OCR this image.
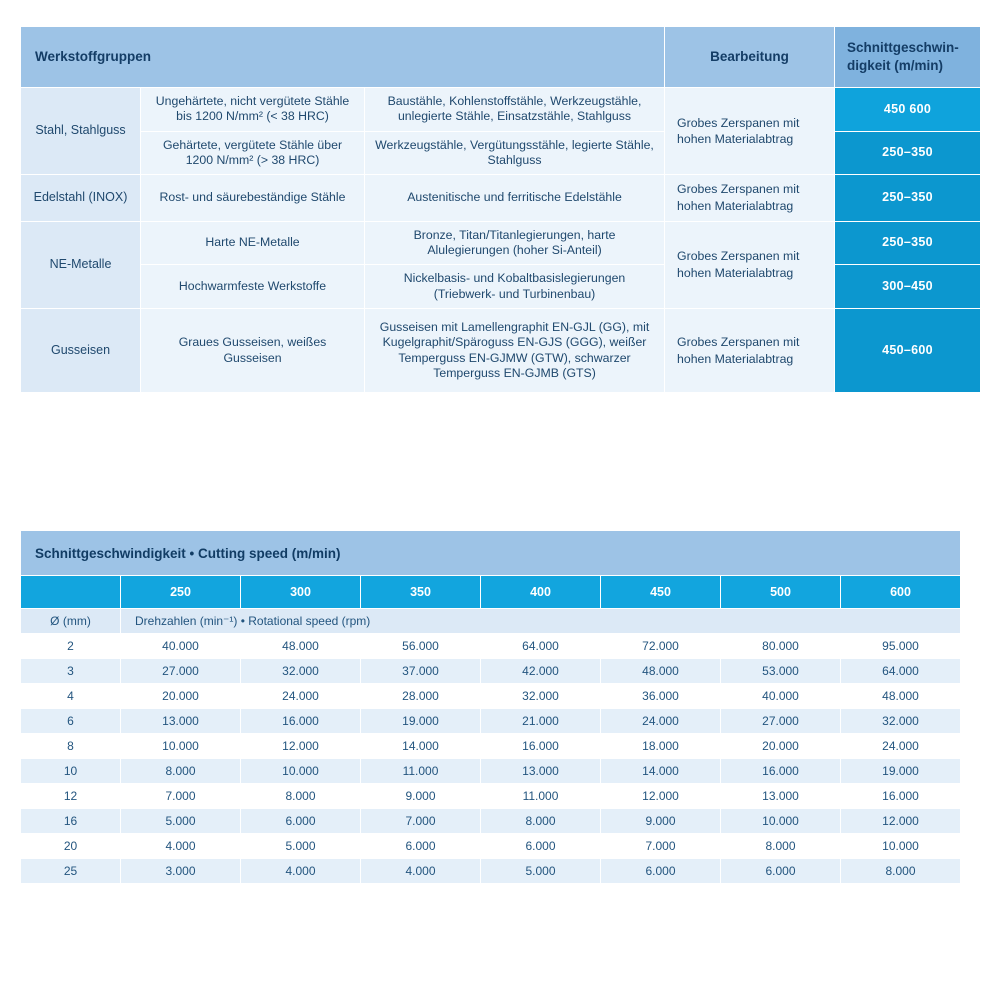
Werkstoffgruppen			Bearbeitung	Schnittgeschwin-
digkeit (m/min)
Stahl, Stahlguss	Ungehärtete, nicht vergütete Stähle bis 1200 N/mm² (< 38 HRC)	Baustähle, Kohlenstoffstähle, Werkzeugstähle, unlegierte Stähle, Einsatzstähle, Stahlguss	Grobes Zerspanen mit hohen Materialabtrag	450 600
	Gehärtete, vergütete Stähle über 1200 N/mm² (> 38 HRC)	Werkzeugstähle, Vergütungsstähle, legierte Stähle, Stahlguss		250–350
Edelstahl (INOX)	Rost- und säurebeständige Stähle	Austenitische und ferritische Edelstähle	Grobes Zerspanen mit hohen Materialabtrag	250–350
NE-Metalle	Harte NE-Metalle	Bronze, Titan/Titanlegierungen, harte Alulegierungen (hoher Si-Anteil)	Grobes Zerspanen mit hohen Materialabtrag	250–350
	Hochwarmfeste Werkstoffe	Nickelbasis- und Kobaltbasislegierungen (Triebwerk- und Turbinenbau)		300–450
Gusseisen	Graues Gusseisen, weißes Gusseisen	Gusseisen mit Lamellengraphit EN-GJL (GG), mit Kugelgraphit/Späroguss EN-GJS (GGG), weißer Temperguss EN-GJMW (GTW), schwarzer Temperguss EN-GJMB (GTS)	Grobes Zerspanen mit hohen Materialabtrag	450–600
Schnittgeschwindigkeit • Cutting speed (m/min)							
	250	300	350	400	450	500	600
Ø (mm)	Drehzahlen (min⁻¹) • Rotational speed (rpm)						
2	40.000	48.000	56.000	64.000	72.000	80.000	95.000
3	27.000	32.000	37.000	42.000	48.000	53.000	64.000
4	20.000	24.000	28.000	32.000	36.000	40.000	48.000
6	13.000	16.000	19.000	21.000	24.000	27.000	32.000
8	10.000	12.000	14.000	16.000	18.000	20.000	24.000
10	8.000	10.000	11.000	13.000	14.000	16.000	19.000
12	7.000	8.000	9.000	11.000	12.000	13.000	16.000
16	5.000	6.000	7.000	8.000	9.000	10.000	12.000
20	4.000	5.000	6.000	6.000	7.000	8.000	10.000
25	3.000	4.000	4.000	5.000	6.000	6.000	8.000
